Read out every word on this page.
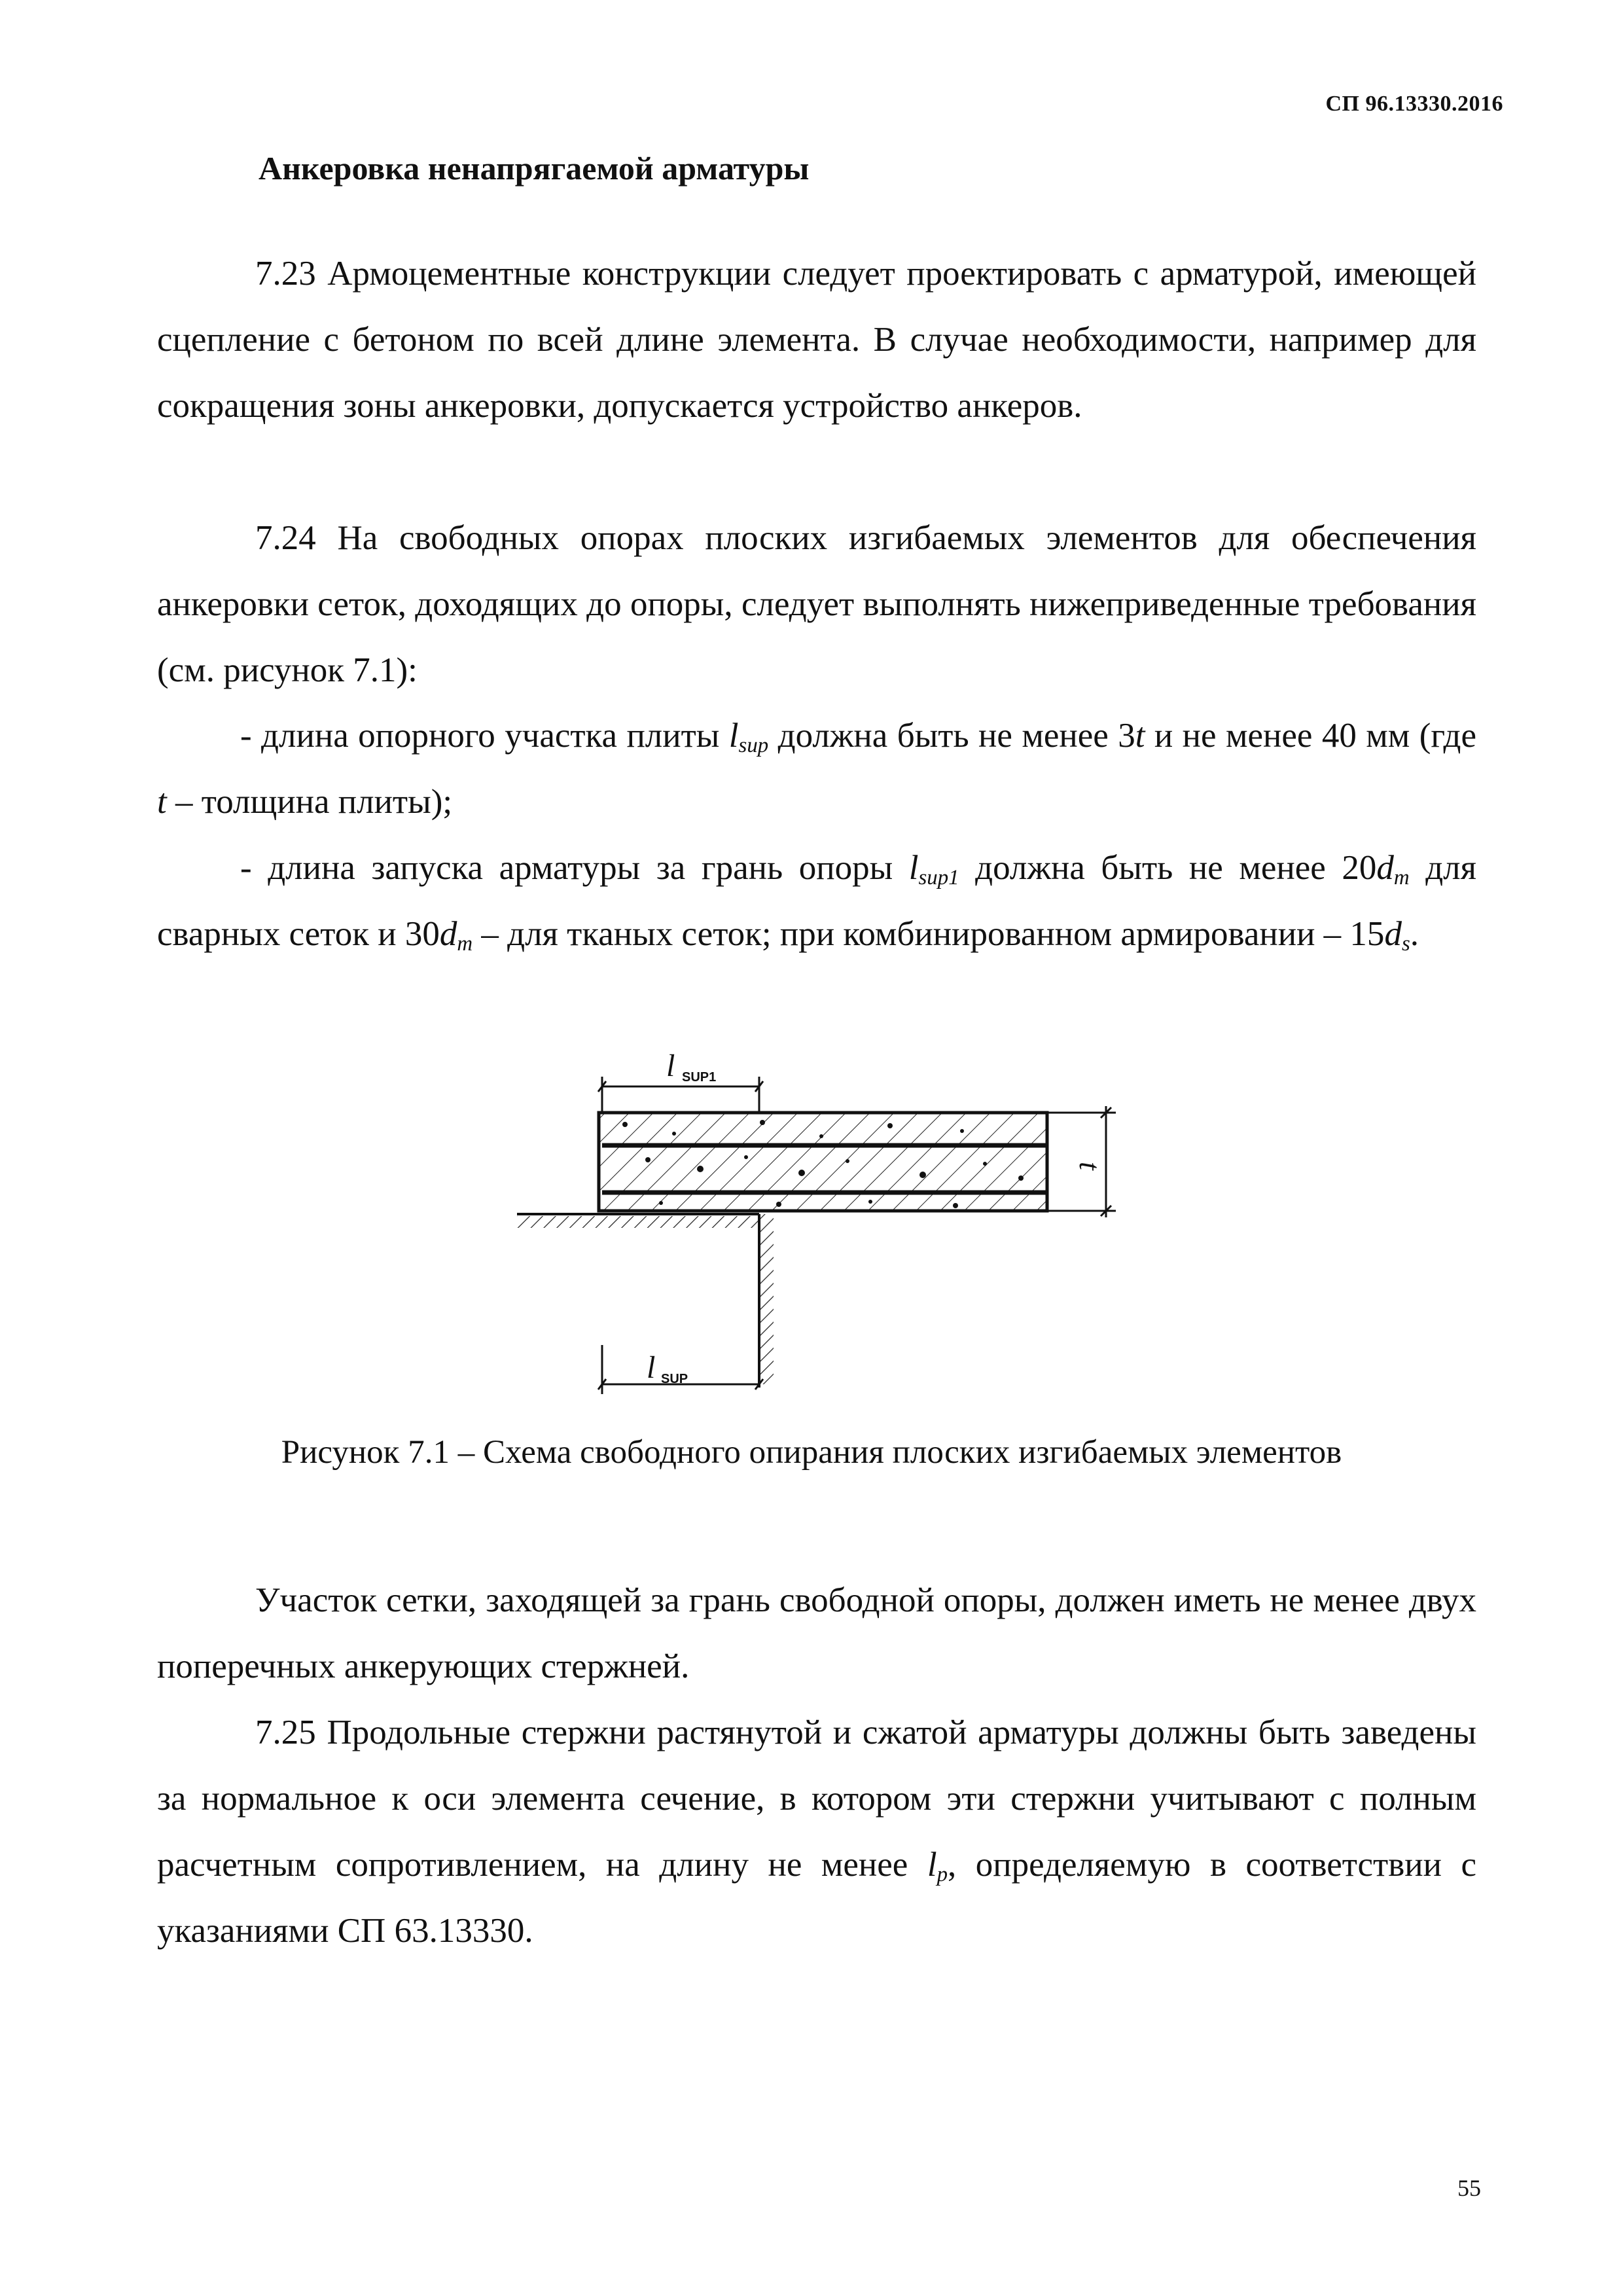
СП 96.13330.2016
Анкеровка ненапрягаемой арматуры

7.23 Армоцементные конструкции следует проектировать с арматурой, имеющей сцепление с бетоном по всей длине элемента. В случае необходимости, например для сокращения зоны анкеровки, допускается устройство анкеров.

7.24 На свободных опорах плоских изгибаемых элементов для обеспечения анкеровки сеток, доходящих до опоры, следует выполнять нижеприведенные требования (см. рисунок 7.1):

- длина опорного участка плиты $l_{sup}$ должна быть не менее 3t и не менее 40 мм (где t – толщина плиты);

- длина запуска арматуры за грань опоры $l_{sup1}$ должна быть не менее $20d_m$ для сварных сеток и $30d_m$ – для тканых сеток; при комбинированном армировании – $15d_s$.

l SUP1
t
l SUP
Рисунок 7.1 – Схема свободного опирания плоских изгибаемых элементов

Участок сетки, заходящей за грань свободной опоры, должен иметь не менее двух поперечных анкерующих стержней.

7.25 Продольные стержни растянутой и сжатой арматуры должны быть заведены за нормальное к оси элемента сечение, в котором эти стержни учитывают с полным расчетным сопротивлением, на длину не менее $l_p$, определяемую в соответствии с указаниями СП 63.13330.

55
